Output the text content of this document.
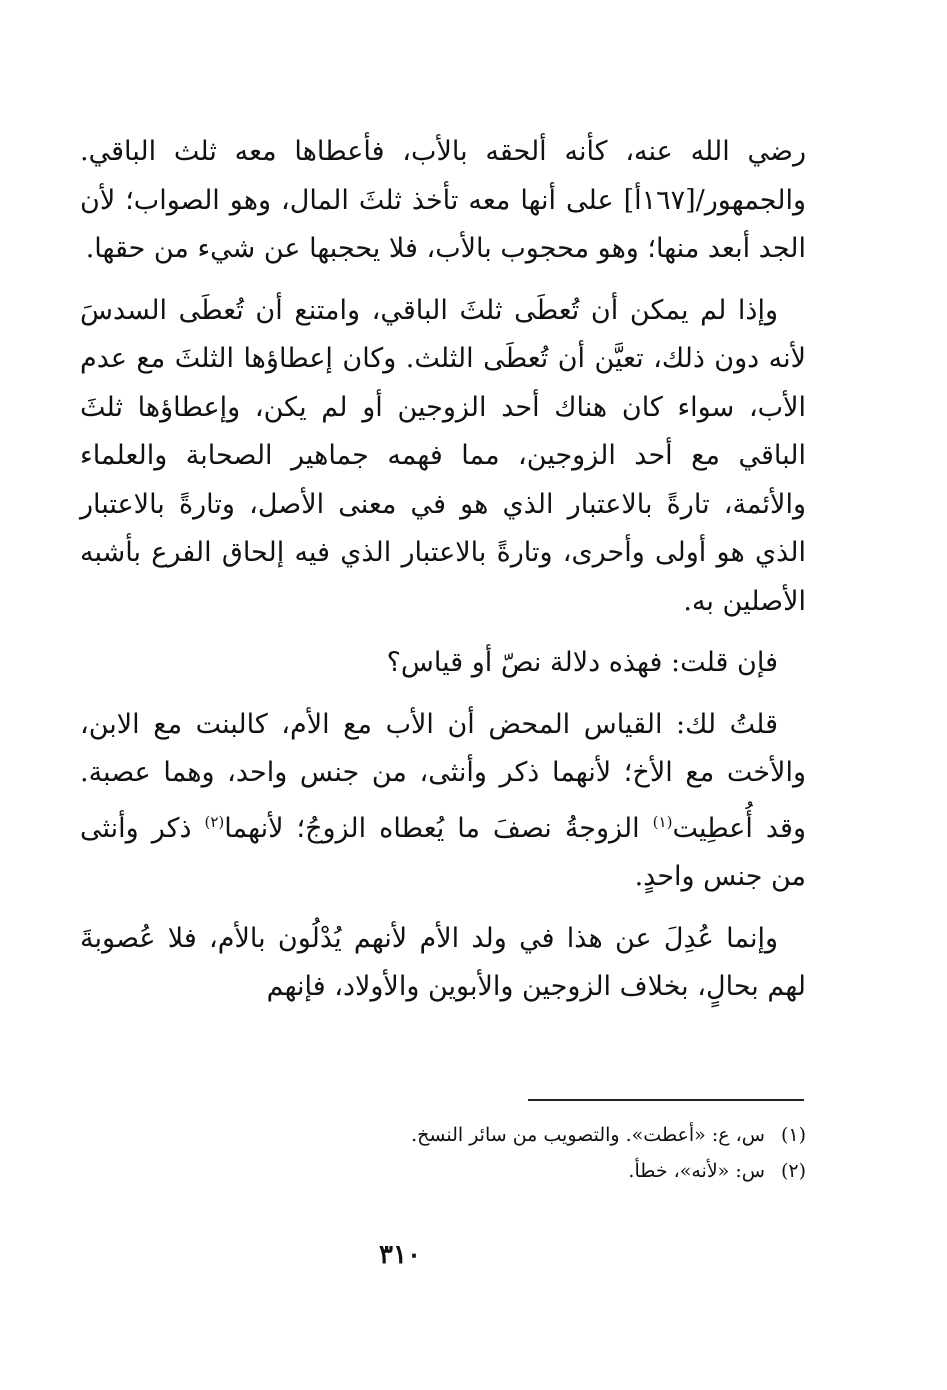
رضي الله عنه، كأنه ألحقه بالأب، فأعطاها معه ثلث الباقي. والجمهور/[١٦٧أ] على أنها معه تأخذ ثلثَ المال، وهو الصواب؛ لأن الجد أبعد منها؛ وهو محجوب بالأب، فلا يحجبها عن شيء من حقها.

وإذا لم يمكن أن تُعطَى ثلثَ الباقي، وامتنع أن تُعطَى السدسَ لأنه دون ذلك، تعيَّن أن تُعطَى الثلث. وكان إعطاؤها الثلثَ مع عدم الأب، سواء كان هناك أحد الزوجين أو لم يكن، وإعطاؤها ثلثَ الباقي مع أحد الزوجين، مما فهمه جماهير الصحابة والعلماء والأئمة، تارةً بالاعتبار الذي هو في معنى الأصل، وتارةً بالاعتبار الذي هو أولى وأحرى، وتارةً بالاعتبار الذي فيه إلحاق الفرع بأشبه الأصلين به.

فإن قلت: فهذه دلالة نصّ أو قياس؟

قلتُ لك: القياس المحض أن الأب مع الأم، كالبنت مع الابن، والأخت مع الأخ؛ لأنهما ذكر وأنثى، من جنس واحد، وهما عصبة. وقد أُعطِيت$^{(١)}$ الزوجةُ نصفَ ما يُعطاه الزوجُ؛ لأنهما$^{(٢)}$ ذكر وأنثى من جنس واحدٍ.

وإنما عُدِلَ عن هذا في ولد الأم لأنهم يُدْلُون بالأم، فلا عُصوبةَ لهم بحالٍ، بخلاف الزوجين والأبوين والأولاد، فإنهم

(١)س، ع: «أعطت». والتصويب من سائر النسخ.

(٢)س: «لأنه»، خطأ.

٣١٠
